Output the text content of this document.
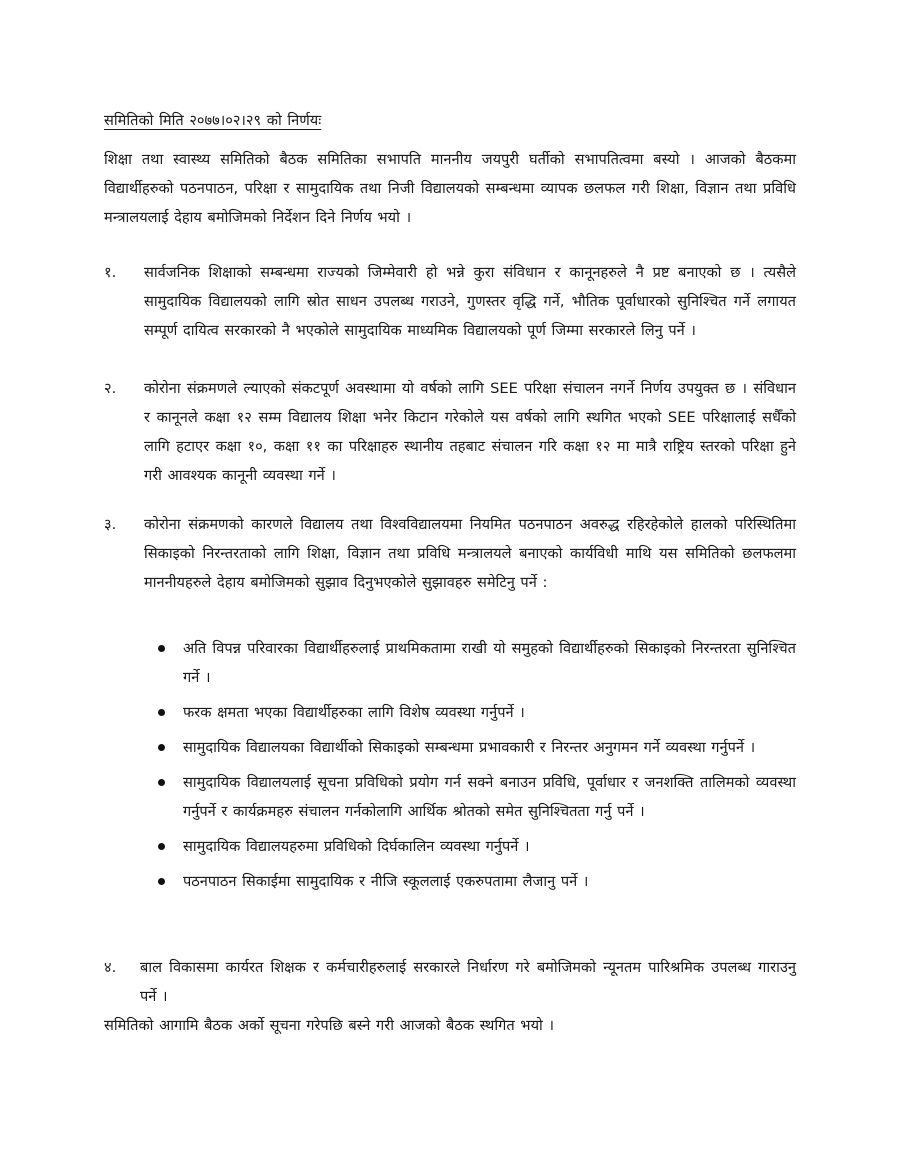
समितिको मिति २०७७।०२।२९ को निर्णयः
शिक्षा तथा स्वास्थ्य समितिको बैठक समितिका सभापति माननीय जयपुरी घर्तीको सभापतित्वमा बस्यो । आजको बैठकमा विद्यार्थीहरुको पठनपाठन, परिक्षा र सामुदायिक तथा निजी विद्यालयको सम्बन्धमा व्यापक छलफल गरी शिक्षा, विज्ञान तथा प्रविधि मन्त्रालयलाई देहाय बमोजिमको निर्देशन दिने निर्णय भयो ।
१.	सार्वजनिक शिक्षाको सम्बन्धमा राज्यको जिम्मेवारी हो भन्ने कुरा संविधान र कानूनहरुले नै प्रष्ट बनाएको छ । त्यसैले सामुदायिक विद्यालयको लागि स्रोत साधन उपलब्ध गराउने, गुणस्तर वृद्धि गर्ने, भौतिक पूर्वाधारको सुनिश्चित गर्ने लगायत सम्पूर्ण दायित्व सरकारको नै भएकोले सामुदायिक माध्यमिक विद्यालयको पूर्ण जिम्मा सरकारले लिनु पर्ने ।
२.	कोरोना संक्रमणले ल्याएको संकटपूर्ण अवस्थामा यो वर्षको लागि SEE परिक्षा संचालन नगर्ने निर्णय उपयुक्त छ । संविधान र कानूनले कक्षा १२ सम्म विद्यालय शिक्षा भनेर किटान गरेकोले यस वर्षको लागि स्थगित भएको SEE परिक्षालाई सधैँको लागि हटाएर कक्षा १०, कक्षा ११ का परिक्षाहरु स्थानीय तहबाट संचालन गरि कक्षा १२ मा मात्रै राष्ट्रिय स्तरको परिक्षा हुने गरी आवश्यक कानूनी व्यवस्था गर्ने ।
३.	कोरोना संक्रमणको कारणले विद्यालय तथा विश्वविद्यालयमा नियमित पठनपाठन अवरुद्ध रहिरहेकोले हालको परिस्थितिमा सिकाइको निरन्तरताको लागि शिक्षा, विज्ञान तथा प्रविधि मन्त्रालयले बनाएको कार्यविधी माथि यस समितिको छलफलमा माननीयहरुले देहाय बमोजिमको सुझाव दिनुभएकोले सुझावहरु समेटिनु पर्ने :
अति विपन्न परिवारका विद्यार्थीहरुलाई प्राथमिकतामा राखी यो समुहको विद्यार्थीहरुको सिकाइको निरन्तरता सुनिश्चित गर्ने ।
फरक क्षमता भएका विद्यार्थीहरुका लागि विशेष व्यवस्था गर्नुपर्ने ।
सामुदायिक विद्यालयका विद्यार्थीको सिकाइको सम्बन्धमा प्रभावकारी र निरन्तर अनुगमन गर्ने व्यवस्था गर्नुपर्ने ।
सामुदायिक विद्यालयलाई सूचना प्रविधिको प्रयोग गर्न सक्ने बनाउन प्रविधि, पूर्वाधार र जनशक्ति तालिमको व्यवस्था गर्नुपर्ने र कार्यक्रमहरु संचालन गर्नकोलागि आर्थिक श्रोतको समेत सुनिश्चितता गर्नु पर्ने ।
सामुदायिक विद्यालयहरुमा प्रविधिको दिर्घकालिन व्यवस्था गर्नुपर्ने ।
पठनपाठन सिकाईमा सामुदायिक र नीजि स्कूललाई एकरुपतामा लैजानु पर्ने ।
४. बाल विकासमा कार्यरत शिक्षक र कर्मचारीहरुलाई सरकारले निर्धारण गरे बमोजिमको न्यूनतम पारिश्रमिक उपलब्ध गाराउनु पर्ने ।
समितिको आगामि बैठक अर्को सूचना गरेपछि बस्ने गरी आजको बैठक स्थगित भयो ।
